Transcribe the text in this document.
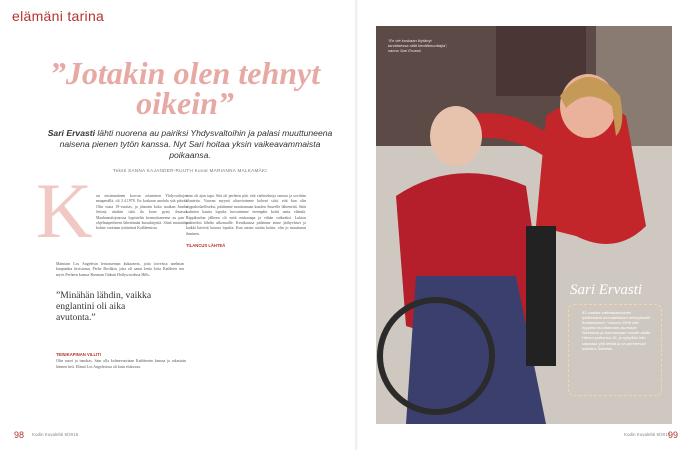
elämäni tarina
”Jotakin olen tehnyt oikein”
Sari Ervasti lähti nuorena au pairiksi Yhdysvaltoihin ja palasi muuttuneena naisena pienen tytön kanssa. Nyt Sari hoitaa yksin vaikeavammaista poikaansa.
Teksti SANNA KAJANDER-RUUTH Kuvat MARIANNA MALKAMÄKI
K un ensimmäinen korvan ottaminen Yhdysvaltojen maaperällä, oli 3.4.1978. En koskaan unohda sitä päivää. Olin vasta 19-vuotias, ja jännitin koko matkan Jumbo Jetissä, niinkin siitä ilo kone pysty ilmassa. Maahantulojonossa hypistelin kermoittaneena au pair -ohjelmaperheeni lähettämää kutsukirjettä. Siinä mainittiin kolme vuotiaan tyttäränsä Kathleenista.

Maintain Los Angelesin lentoaseman kukaanvat, jotta toiveissa unelman kaupunkia tiivistanut, Perhe Bochkin, joka oli sanut lenta Jotta Kathleen sen myös Perheen kanssa Sherman Oaksin Hollywoodissa Hills.

”Minähän lähdin, vaikka englantini oli aika avutonta.”

TEINIKAPINAN VILLITI

Olin nuori ja innokas. Sain olla kolmevuotiaan Kathleenin kanssa ja rakastuin häneen heti. Elämä Los Angelesissa oli kuin elokuvaa.

vain oli ajan tapa. Sitä oli perheen pää, että vaihtoehtoja tanssia ja sovittiin tilanteita. Vauvan myynti aliarvioimme kohoni siitä, että kun olin riippakoskelliseksi, päätimme muuttamaan kuuden Suurelle lähteneitä. Siitä kulmien kautta lopulta luovutimme eteenpäin kohti uutta elämää. Rippikoulun jälkeen oli mitä mukaanpa ja vähän vaikeaksi. Lukion päätteeksi lähdin ulkomaille. Kesäkuussa pidimme sinne jäähyväiset ja kaikki kävivät kotona lopulta. Kun astuin sisään kotiin, olin jo muuttunut ihminen.

TILANCUS LÄHTEÄ

98 Kodin Kuvalehti 9/2015
”En ole koskaan löytänyt tarvittaessa niitä kenttämuuttajia”, sanoo Sari Ervasti.
Sari Ervasti
51-vuotias vaikeakasvuinen työttömänä ammattilainen kehityksellä tuottamiseen. Vuonna 2009 hän hyppäsi muuttamaan asumaan Sieklansa ja tuomassaan omalle alalle. Hänen poikansa 26, ja nykyään hän rakastaa yhä tehdä ja on perheessä sukellus Sameas.
Kodin Kuvalehti 9/2015
99
